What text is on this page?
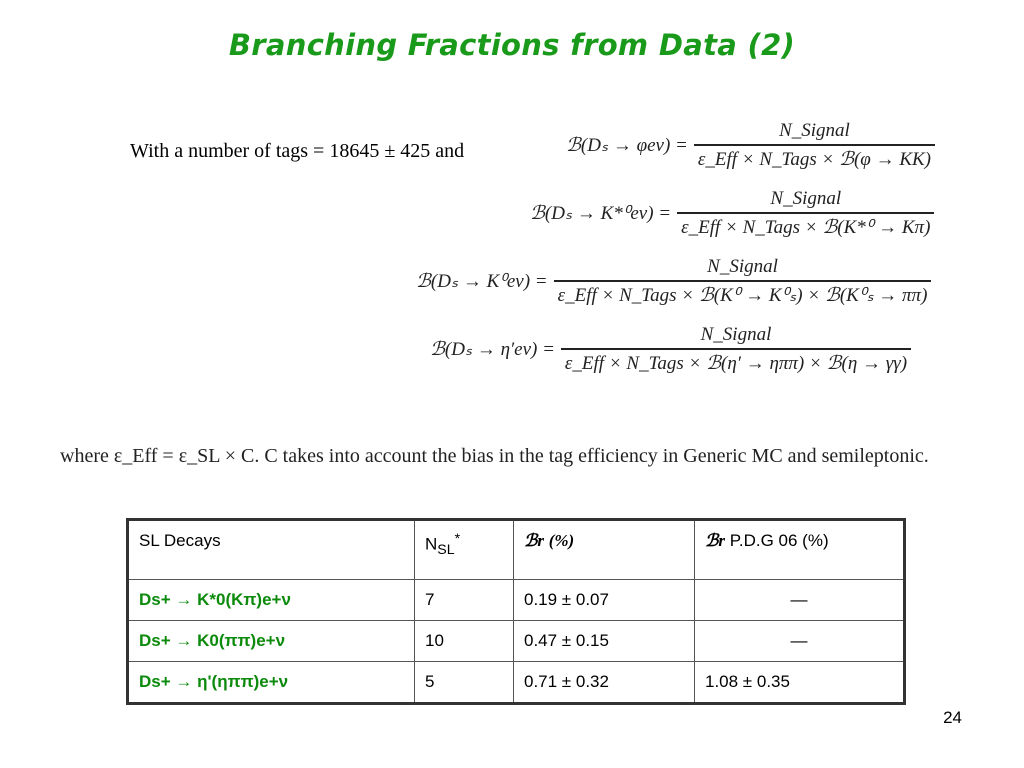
Branching Fractions from Data (2)
With a number of tags = 18645 ± 425 and	ℬ(Dₛ → $\varphi e\nu) = \frac{\text{N\_Signal}}{\text{ε\_Eff × N\_Tags × ℬ(φ → KK)}}$
ℬ(Dₛ → $K*^0e\nu) = \frac{\text{N\_Signal}}{\text{ε\_Eff × N\_Tags × ℬ(K*⁰ → Kπ)}}$
ℬ(Dₛ → $K^0e\nu) = \frac{\text{N\_Signal}}{\text{ε\_Eff × N\_Tags × ℬ(K⁰ → K⁰ₛ) × ℬ(K⁰ₛ → ππ)}}$
ℬ(Dₛ → $\eta'e\nu) = \frac{\text{N\_Signal}}{\text{ε\_Eff × N\_Tags × ℬ(η′ → ηππ) × ℬ(η → γγ)}}$
where ε_Eff = ε_SL × C. C takes into account the bias in the tag efficiency in Generic MC and semileptonic.
SL Decays	$N_{SL}^*$	ℬr (%)	ℬr P.D.G 06 (%)
Ds+ → K*0(Kπ)e+ν	7	0.19 ± 0.07	—
Ds+ → K0(ππ)e+ν	10	0.47 ± 0.15	—
Ds+ → η'(ηππ)e+ν	5	0.71 ± 0.32	1.08 ± 0.35
24
